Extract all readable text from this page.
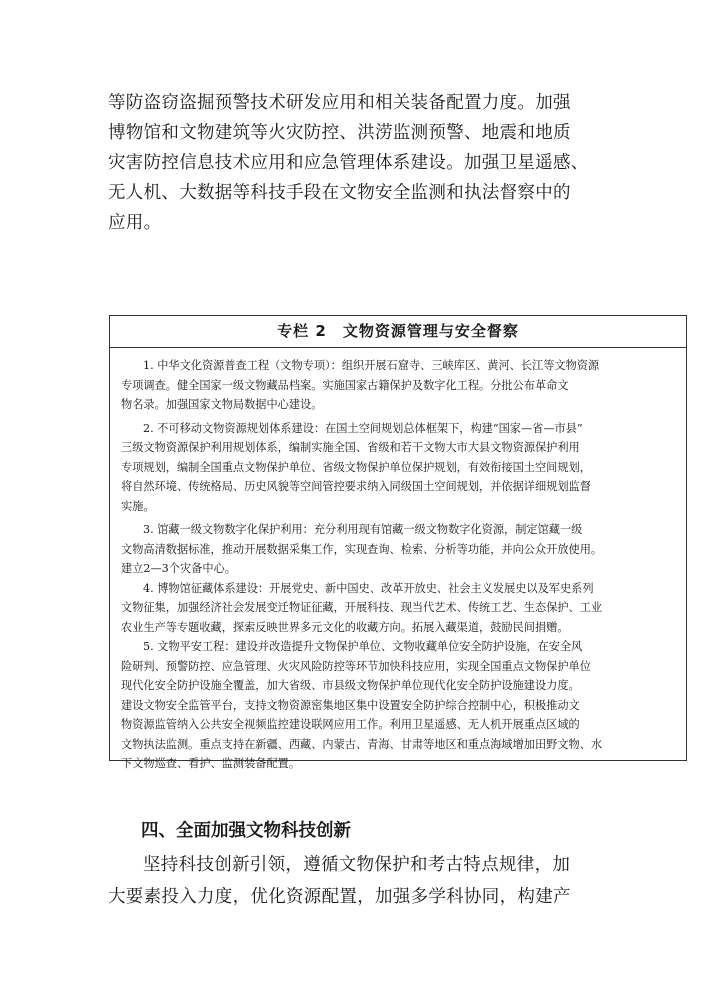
等防盗窃盗掘预警技术研发应用和相关装备配置力度。加强
博物馆和文物建筑等火灾防控、洪涝监测预警、地震和地质
灾害防控信息技术应用和应急管理体系建设。加强卫星遥感、
无人机、大数据等科技手段在文物安全监测和执法督察中的
应用。
专栏 2　文物资源管理与安全督察
1. 中华文化资源普查工程（文物专项）：组织开展石窟寺、三峡库区、黄河、长江等文物资源
专项调查。健全国家一级文物藏品档案。实施国家古籍保护及数字化工程。分批公布革命文
物名录。加强国家文物局数据中心建设。
2. 不可移动文物资源规划体系建设：在国土空间规划总体框架下，构建“国家—省—市县”
三级文物资源保护利用规划体系，编制实施全国、省级和若干文物大市大县文物资源保护利用
专项规划，编制全国重点文物保护单位、省级文物保护单位保护规划，有效衔接国土空间规划，
将自然环境、传统格局、历史风貌等空间管控要求纳入同级国土空间规划，并依据详细规划监督
实施。
3. 馆藏一级文物数字化保护利用：充分利用现有馆藏一级文物数字化资源，制定馆藏一级
文物高清数据标准，推动开展数据采集工作，实现查询、检索、分析等功能，并向公众开放使用。
建立2—3个灾备中心。
4. 博物馆征藏体系建设：开展党史、新中国史、改革开放史、社会主义发展史以及军史系列
文物征集，加强经济社会发展变迁物证征藏，开展科技、现当代艺术、传统工艺、生态保护、工业
农业生产等专题收藏，探索反映世界多元文化的收藏方向。拓展入藏渠道，鼓励民间捐赠。
5. 文物平安工程：建设并改造提升文物保护单位、文物收藏单位安全防护设施，在安全风
险研判、预警防控、应急管理、火灾风险防控等环节加快科技应用，实现全国重点文物保护单位
现代化安全防护设施全覆盖，加大省级、市县级文物保护单位现代化安全防护设施建设力度。
建设文物安全监管平台，支持文物资源密集地区集中设置安全防护综合控制中心，积极推动文
物资源监管纳入公共安全视频监控建设联网应用工作。利用卫星遥感、无人机开展重点区域的
文物执法监测。重点支持在新疆、西藏、内蒙古、青海、甘肃等地区和重点海域增加田野文物、水
下文物巡查、看护、监测装备配置。
四、全面加强文物科技创新
坚持科技创新引领，遵循文物保护和考古特点规律，加
大要素投入力度，优化资源配置，加强多学科协同，构建产
